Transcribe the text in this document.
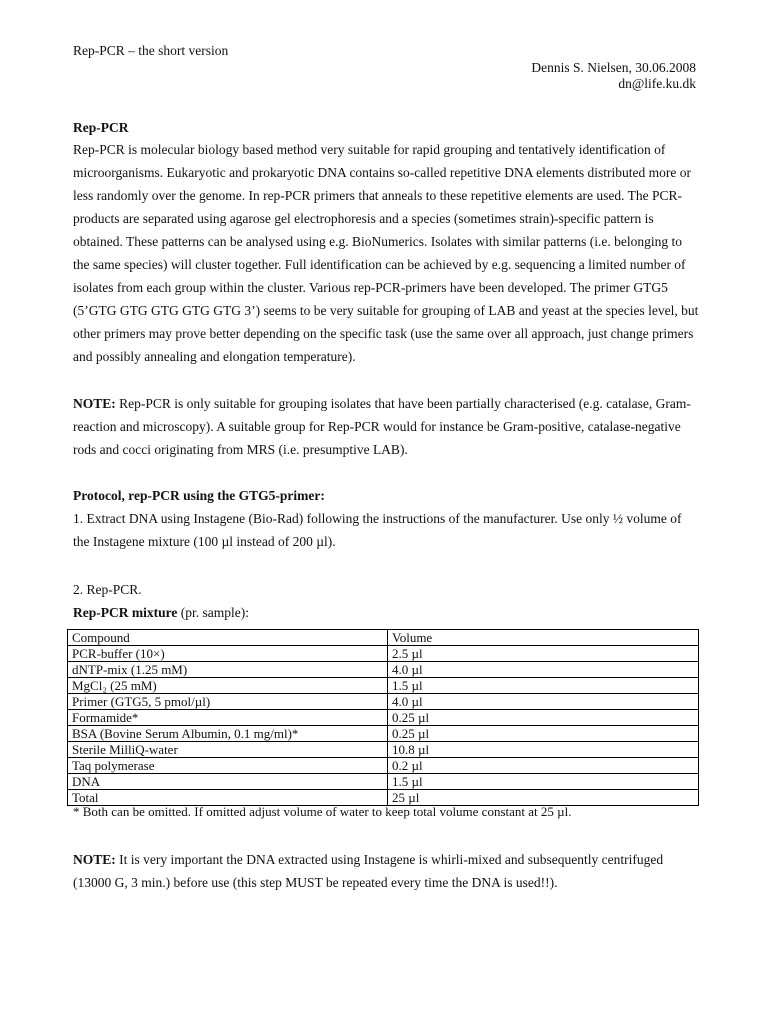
Rep-PCR – the short version
Dennis S. Nielsen, 30.06.2008
dn@life.ku.dk
Rep-PCR

Rep-PCR is molecular biology based method very suitable for rapid grouping and tentatively identification of microorganisms. Eukaryotic and prokaryotic DNA contains so-called repetitive DNA elements distributed more or less randomly over the genome. In rep-PCR primers that anneals to these repetitive elements are used. The PCR-products are separated using agarose gel electrophoresis and a species (sometimes strain)-specific pattern is obtained. These patterns can be analysed using e.g. BioNumerics. Isolates with similar patterns (i.e. belonging to the same species) will cluster together. Full identification can be achieved by e.g. sequencing a limited number of isolates from each group within the cluster. Various rep-PCR-primers have been developed. The primer GTG5 (5’GTG GTG GTG GTG GTG 3’) seems to be very suitable for grouping of LAB and yeast at the species level, but other primers may prove better depending on the specific task (use the same over all approach, just change primers and possibly annealing and elongation temperature).

NOTE: Rep-PCR is only suitable for grouping isolates that have been partially characterised (e.g. catalase, Gram-reaction and microscopy). A suitable group for Rep-PCR would for instance be Gram-positive, catalase-negative rods and cocci originating from MRS (i.e. presumptive LAB).

Protocol, rep-PCR using the GTG5-primer:

1. Extract DNA using Instagene (Bio-Rad) following the instructions of the manufacturer. Use only ½ volume of the Instagene mixture (100 µl instead of 200 µl).

2. Rep-PCR.

Rep-PCR mixture (pr. sample):

Compound	Volume
PCR-buffer (10×)	2.5 µl
dNTP-mix (1.25 mM)	4.0 µl
MgCl₂ (25 mM)	1.5 µl
Primer (GTG5, 5 pmol/µl)	4.0 µl
Formamide*	0.25 µl
BSA (Bovine Serum Albumin, 0.1 mg/ml)*	0.25 µl
Sterile MilliQ-water	10.8 µl
Taq polymerase	0.2 µl
DNA	1.5 µl
Total	25 µl
* Both can be omitted. If omitted adjust volume of water to keep total volume constant at 25 µl.

NOTE: It is very important the DNA extracted using Instagene is whirli-mixed and subsequently centrifuged (13000 G, 3 min.) before use (this step MUST be repeated every time the DNA is used!!).
